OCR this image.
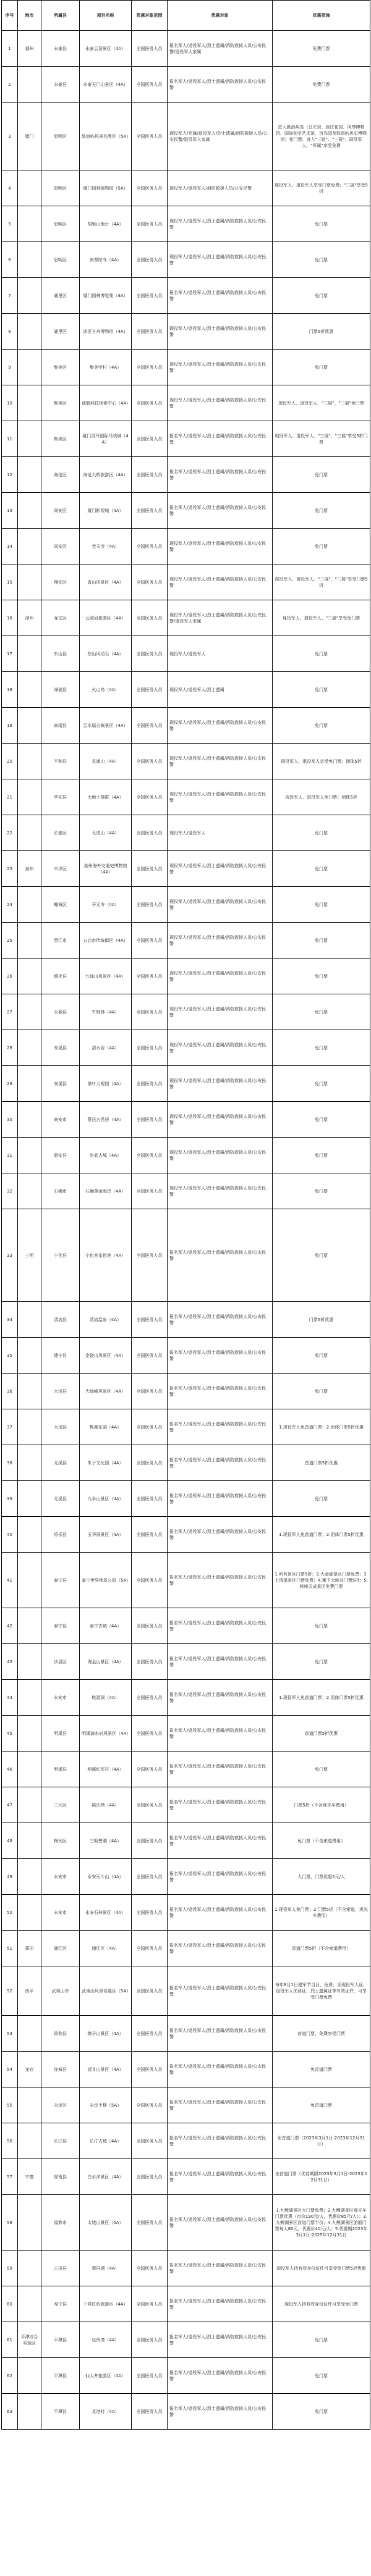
序号	地市	所属县	项目名称	优惠对象范围	优惠对象	优惠措施
1	福州	永泰县	永泰云顶景区（4A）	全国医务人员	报名军人/退役军人/烈士遗属/消防救援人员/公安民警/退役军人家属	免费门票
2		永泰县	永泰天门山景区（4A）	全国医务人员	报名军人/退役军人/烈士遗属/消防救援人员/公安民警	免费门票
3	厦门	思明区	鼓浪屿风景名胜区（5A）	全国医务人员	现役军人/军属/退役军人/烈士遗属/消防救援人员/公安民警/退役军人家属	进入鼓浪屿岛（日光岩、菽庄花园、风琴博物馆、国际刻字艺术馆、百鸟园及鼓浪屿历史博物馆）免门票，进入"三馆"、"三展"、现役军人、"军属"享受免费
4		思明区	厦门园林植物园（5A）	全国医务人员	现役军人/退役军人/消防救援人员/公安民警	现役军人、退役军人享受门票免费；"三展"享受5折
5		思明区	胡里山炮台（4A）	全国医务人员	现役军人/退役军人/烈士遗属/消防救援人员/公安民警	免门票
6		思明区	南普陀寺（4A）	全国医务人员	现役军人/退役军人/烈士遗属/消防救援人员/公安民警	免门票
7		湖里区	厦门园林博览苑（4A）	全国医务人员	报名军人/退役军人/烈士遗属/消防救援人员/公安民警	免门票
8		湖里区	诺亚方舟博物馆（4A）	全国医务人员	现役军人/退役军人/烈士遗属/消防救援人员/公安民警	门票5折优惠
9		集美区	集美学村（4A）	全国医务人员	现役军人/退役军人/烈士遗属/消防救援人员/公安民警	免门票
10		集美区	诚毅科技探索中心（4A）	全国医务人员	现役军人/退役军人/烈士遗属/消防救援人员/公安民警	现役军人、退役军人、"三展"、"三展"免门票
11		集美区	厦门灵玲国际马戏城（4A）	全国医务人员	报名军人/退役军人/烈士遗属/消防救援人员/公安民警	现役军人、退役军人、"三展"、"三展"享受5折门票
12		海沧区	海沧大桥旅游区（4A）	全国医务人员	报名军人/退役军人/烈士遗属/消防救援人员/公安民警	免门票
13		同安区	厦门影视城（4A）	全国医务人员	报名军人/退役军人/烈士遗属/消防救援人员/公安民警	免门票
14		同安区	梵天寺（4A）	全国医务人员	现役军人/退役军人/烈士遗属/消防救援人员/公安民警	免门票
15		翔安区	香山风景区（4A）	全国医务人员	现役军人/退役军人/烈士遗属/消防救援人员/公安民警	现役军人、退役军人、"三展"、"三展"享受门票5折
16	漳州	龙文区	云洞岩旅游区（4A）	全国医务人员	现役军人/退役军人/烈士遗属/消防救援人员/公安民警/退役军人家属	现役军人、退役军人、"三展"享受免门票
17		东山县	东山风动石（4A）	全国医务人员	现役军人/退役军人	免门票
18		漳浦县	火山岛（4A）	全国医务人员	现役军人/退役军人/烈士遗属	免门票
19		南靖县	云水谣古镇景区（4A）	全国医务人员	现役军人/退役军人/烈士遗属/消防救援人员/公安民警	免门票
20		平和县	灵通山（4A）	全国医务人员	现役军人/退役军人/烈士遗属/消防救援人员/公安民警	现役军人、退役军人享受免门票；团体5折
21		华安县	大地土楼群（4A）	全国医务人员	现役军人/退役军人/烈士遗属/消防救援人员/公安民警	现役军人、退役军人免门票；团体5折
22		长泰区	天成山（4A）	全国医务人员	现役军人/退役军人	免门票
23	泉州	丰泽区	泉州海外交通史博物馆（4A）	全国医务人员	现役军人/退役军人/烈士遗属/消防救援人员/公安民警	免门票
24		鲤城区	开元寺（4A）	全国医务人员	现役军人/退役军人/烈士遗属/消防救援人员/公安民警	免门票
25		晋江市	五店市传统街区（4A）	全国医务人员	现役军人/退役军人/烈士遗属/消防救援人员/公安民警	免门票
26		德化县	九仙山风景区（4A）	全国医务人员	现役军人/退役军人/烈士遗属/消防救援人员/公安民警	免门票
27		永春县	牛姆林（4A）	全国医务人员	现役军人/退役军人/烈士遗属/消防救援人员/公安民警	免门票
28		安溪县	清水岩（4A）	全国医务人员	现役军人/退役军人/烈士遗属/消防救援人员/公安民警	免门票
29		安溪县	茶叶大观园（4A）	全国医务人员	现役军人/退役军人/烈士遗属/消防救援人员/公安民警	免门票
30		南安市	蔡氏古民居（4A）	全国医务人员	现役军人/退役军人/烈士遗属/消防救援人员/公安民警	免门票
31		惠安县	崇武古城（4A）	全国医务人员	现役军人/退役军人/烈士遗属/消防救援人员/公安民警	免门票
32		石狮市	石狮黄金海岸（4A）	全国医务人员	现役军人/退役军人/烈士遗属/消防救援人员/公安民警	免门票
33	三明	宁化县	宁化客家祖地（4A）	全国医务人员	报名军人/退役军人/烈士遗属/消防救援人员/公安民警	免门票
34		清流县	清流温泉（4A）	全国医务人员	报名军人/退役军人/烈士遗属/消防救援人员/公安民警	门票5折优惠
35		建宁县	金铙山风景区（4A）	全国医务人员	报名军人/退役军人/烈士遗属/消防救援人员/公安民警	免门票
36		大田县	大仙峰风景区（4A）	全国医务人员	报名军人/退役军人/烈士遗属/消防救援人员/公安民警	免门票
37		大田县	桃源东洞（4A）	全国医务人员	报名军人/退役军人/烈士遗属/消防救援人员/公安民警	1.现役军人免首道门票；2.团体门票5折优惠
38		尤溪县	朱子文化园（4A）	全国医务人员	报名军人/退役军人/烈士遗属/消防救援人员/公安民警	首道门票5折优惠
39		尤溪县	九阜山景区（4A）	全国医务人员	报名军人/退役军人/烈士遗属/消防救援人员/公安民警	免门票
40		将乐县	玉华洞景区（4A）	全国医务人员	报名军人/退役军人/烈士遗属/消防救援人员/公安民警	1.现役军人免首道门票；2.团体门票5折优惠
41		泰宁县	泰宁世界地质公园（5A）	全国医务人员	报名军人/退役军人/烈士遗属/消防救援人员/公安民警	1.所有景区门票5折；2.大金湖景区门票免费；3.上清溪景区门票免费；4.寨下大峡谷门票5折；5.秘境天成景区免费门票
42		泰宁县	泰宁古城（4A）	全国医务人员	报名军人/退役军人/烈士遗属/消防救援人员/公安民警	免门票
43		沙县区	淘金山景区（4A）	全国医务人员	报名军人/退役军人/烈士遗属/消防救援人员/公安民警	免门票
44		永安市	桃源洞（4A）	全国医务人员	报名军人/退役军人/烈士遗属/消防救援人员/公安民警	1.现役军人免首道门票；2.团体门票5折优惠
45		明溪县	明溪滴水岩风景区（4A）	全国医务人员	报名军人/退役军人/烈士遗属/消防救援人员/公安民警	首道门票5折优惠
46		明溪县	明溪红军村（4A）	全国医务人员	报名军人/退役军人/烈士遗属/消防救援人员/公安民警	免门票
47		三元区	格氏栲（4A）	全国医务人员	报名军人/退役军人/烈士遗属/消防救援人员/公安民警	门票5折（不含观光车费用）
48		梅列区	三明碧湖（4A）	全国医务人员	报名军人/退役军人/烈士遗属/消防救援人员/公安民警	免门票（不含索道费用）
49		永安市	永安天斗山（4A）	全国医务人员	报名军人/退役军人/烈士遗属/消防救援人员/公安民警	大门票，门票优惠5元/人
50		永安市	永安石林景区（4A）	全国医务人员	报名军人/退役军人/烈士遗属/消防救援人员/公安民警	1.现役军人免门票；2.门票5折（不含索道、观光车费用）
51	莆田	涵江区	涵江区（4A）	全国医务人员	报名军人/退役军人/烈士遗属/消防救援人员/公安民警	首道门票5折（不含索道费用）
52	南平	武夷山市	武夷山风景名胜区（5A）	全国医务人员	报名军人/退役军人/烈士遗属/消防救援人员/公安民警	每年8月1日建军节当日，免费；凭现役军人证、退役军人优待证、烈士遗属证等有效证件，可享受门票免费
53		政和县	佛子山景区（4A）	全国医务人员	报名军人/退役军人/烈士遗属/消防救援人员/公安民警	首道门票，免费享受门票
54	龙岩	连城县	冠豸山景区（4A）	全国医务人员	报名军人/退役军人/烈士遗属/消防救援人员/公安民警	免首道门票
55		永定区	永定土楼（5A）	全国医务人员	报名军人/退役军人/烈士遗属/消防救援人员/公安民警	免首道门票
56		长汀县	长汀古城（4A）	全国医务人员	报名军人/退役军人/烈士遗属/消防救援人员/公安民警	免首道门票（2023年3月1日-2023年12月31日）
57	宁德	屏南县	白水洋景区（4A）	全国医务人员	报名军人/退役军人/烈士遗属/消防救援人员/公安民警	免首道门票（优待期限2023年3月1日-2023年12月31日）
58		福鼎市	太姥山景区（5A）	全国医务人员	报名军人/退役军人/烈士遗属/消防救援人员/公安民警	1.九鲤湖景区大门票免费；2.九鲤湖景区观光车门票优惠（市价190元/人，优惠价85元/人）；3.九鲤湖景区首道门票半价；4.九鲤湖景区游船门票每人80元，优惠价40元/人；5.优惠期2023年3月1日-2025年12月31日
59		古田县	翠屏湖（4A）	全国医务人员	报名军人/退役军人/烈士遗属/消防救援人员/公安民警	现役军人持有效身份证件可享受免门票5折优惠
60		寿宁县	下党红色旅游区（4A）	全国医务人员	报名军人/退役军人/烈士遗属/消防救援人员/公安民警	现役军人持有效身份证件可享受免门票
61	平潭综合实验区	平潭县	坛南湾（4A）	全国医务人员	报名军人/退役军人/烈士遗属/消防救援人员/公安民警	免门票
62		平潭县	仙人井旅游区（4A）	全国医务人员	报名军人/退役军人/烈士遗属/消防救援人员/公安民警	免门票
63		平潭县	北港村（4A）	全国医务人员	报名军人/退役军人/烈士遗属/消防救援人员/公安民警	免门票
